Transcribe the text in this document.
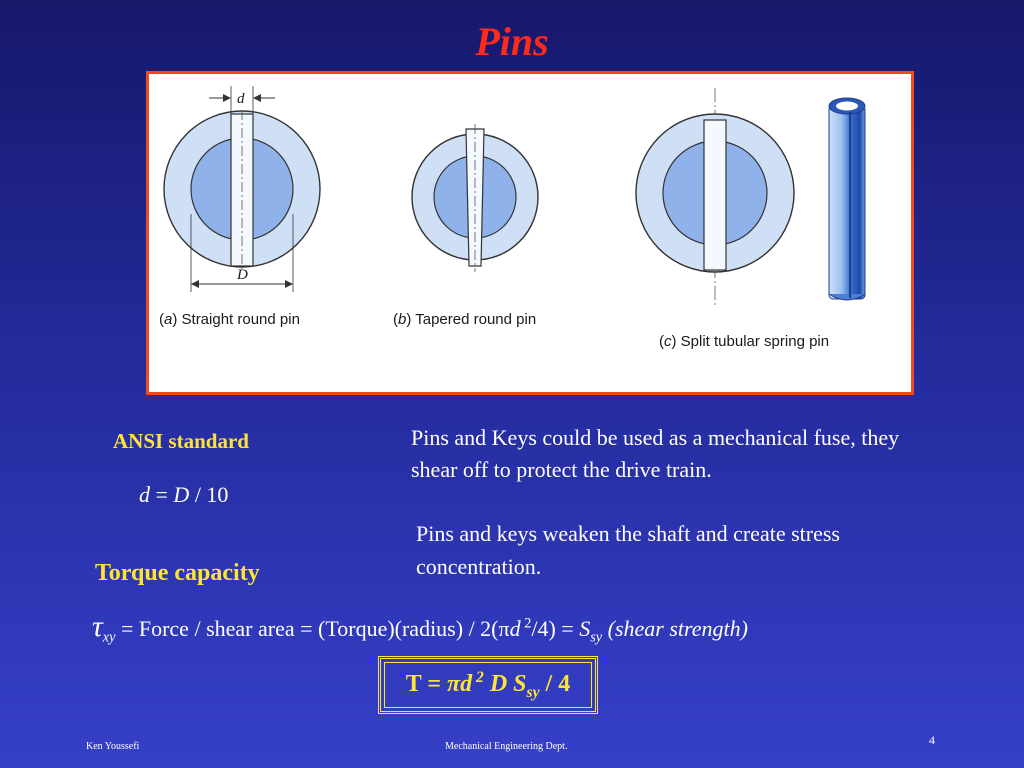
Pins
d
D
(a) Straight round pin	(b) Tapered round pin
(c) Split tubular spring pin
ANSI standard
d = D / 10
Pins and Keys could be used as a mechanical fuse, they shear off to protect the drive train.
Pins and keys weaken the shaft and create stress concentration.
Torque capacity
$\tau_{xy}$ = Force / shear area = (Torque)(radius) / 2(πd $^2/4) = S_{sy}$ (shear strength)
T = πd $^2$ D $S_{sy} / 4$
Ken Youssefi	Mechanical Engineering Dept.	4
